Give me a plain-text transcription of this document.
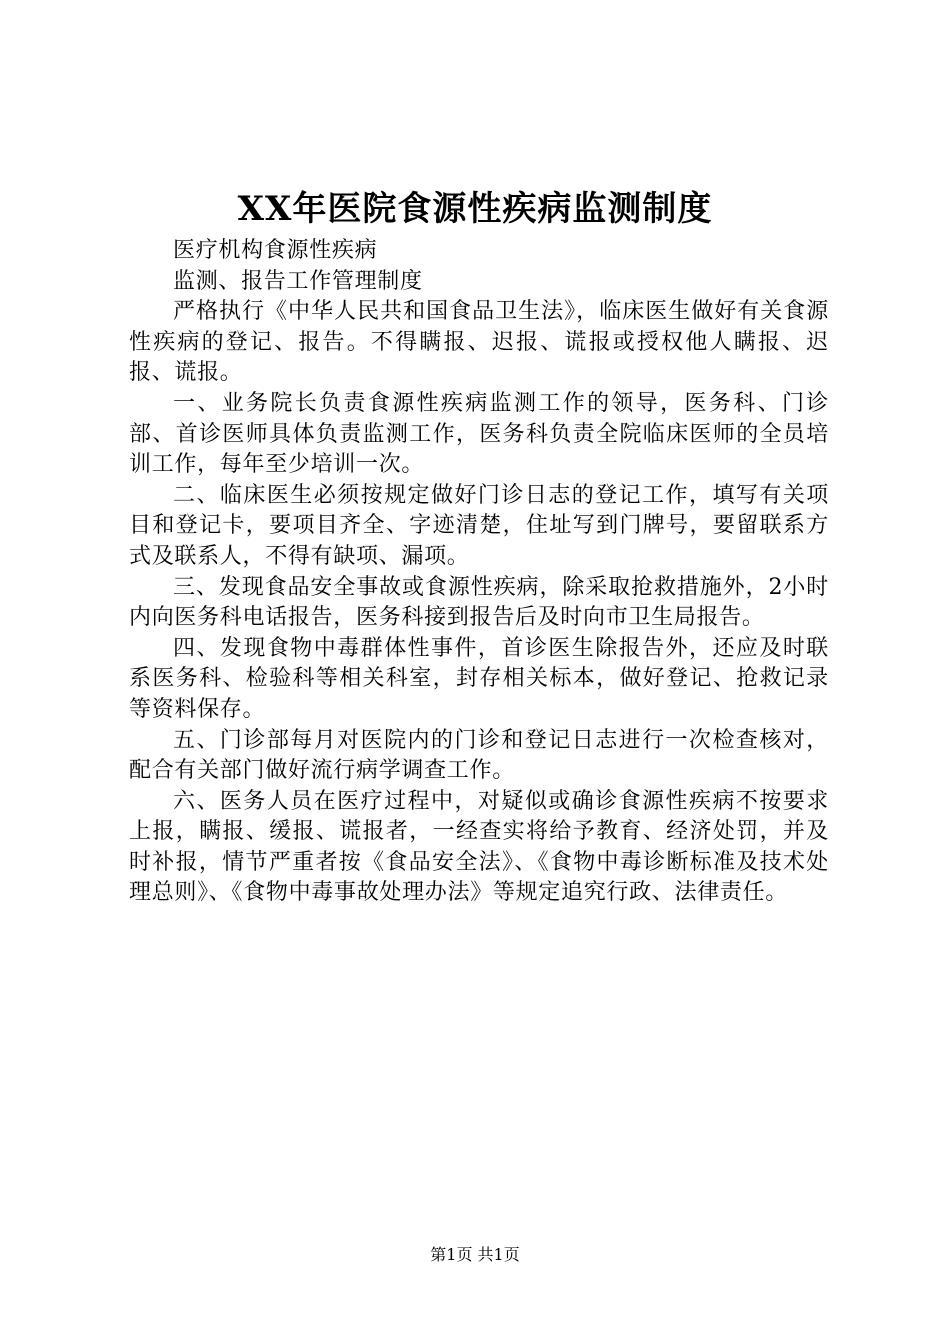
XX年医院食源性疾病监测制度

医疗机构食源性疾病

监测、报告工作管理制度

严格执行《中华人民共和国食品卫生法》，临床医生做好有关食源性疾病的登记、报告。不得瞒报、迟报、谎报或授权他人瞒报、迟报、谎报。

一、业务院长负责食源性疾病监测工作的领导，医务科、门诊部、首诊医师具体负责监测工作，医务科负责全院临床医师的全员培训工作，每年至少培训一次。

二、临床医生必须按规定做好门诊日志的登记工作，填写有关项目和登记卡，要项目齐全、字迹清楚，住址写到门牌号，要留联系方式及联系人，不得有缺项、漏项。

三、发现食品安全事故或食源性疾病，除采取抢救措施外，2小时内向医务科电话报告，医务科接到报告后及时向市卫生局报告。

四、发现食物中毒群体性事件，首诊医生除报告外，还应及时联系医务科、检验科等相关科室，封存相关标本，做好登记、抢救记录等资料保存。

五、门诊部每月对医院内的门诊和登记日志进行一次检查核对，配合有关部门做好流行病学调查工作。

六、医务人员在医疗过程中，对疑似或确诊食源性疾病不按要求上报，瞒报、缓报、谎报者，一经查实将给予教育、经济处罚，并及时补报，情节严重者按《食品安全法》、《食物中毒诊断标准及技术处理总则》、《食物中毒事故处理办法》等规定追究行政、法律责任。

第1页 共1页
